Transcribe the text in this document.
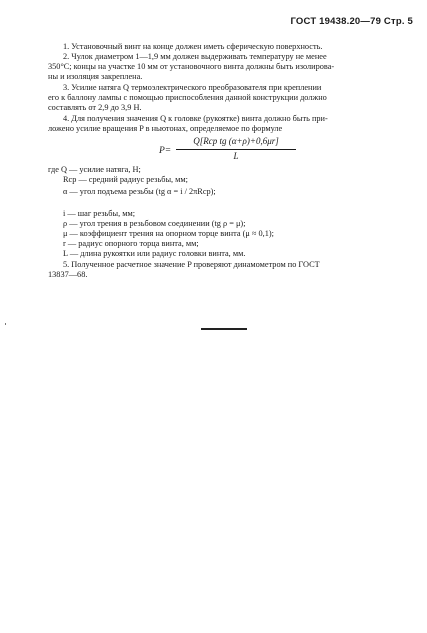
ГОСТ 19438.20—79 Стр. 5
1. Установочный винт на конце должен иметь сферическую поверхность.
2. Чулок диаметром 1—1,9 мм должен выдерживать температуру не менее
350°С; концы на участке 10 мм от установочного винта должны быть изолирова-
ны и изоляция закреплена.
3. Усилие натяга Q термоэлектрического преобразователя при креплении
его к баллону лампы с помощью приспособления данной конструкции должно
составлять от 2,9 до 3,9 Н.
4. Для получения значения Q к головке (рукоятке) винта должно быть при-
ложено усилие вращения P в ньютонах, определяемое по формуле
P=
Q[Rср tg (α+ρ)+0,6μr]
L
где Q — усилие натяга, Н;
Rср — средний радиус резьбы, мм;
α — угол подъема резьбы (tg α = i / 2πRср);
i — шаг резьбы, мм;
ρ — угол трения в резьбовом соединении (tg ρ = μ);
μ — коэффициент трения на опорном торце винта (μ ≈ 0,1);
r — радиус опорного торца винта, мм;
L — длина рукоятки или радиус головки винта, мм.
5. Полученное расчетное значение P проверяют динамометром по ГОСТ
13837—68.
